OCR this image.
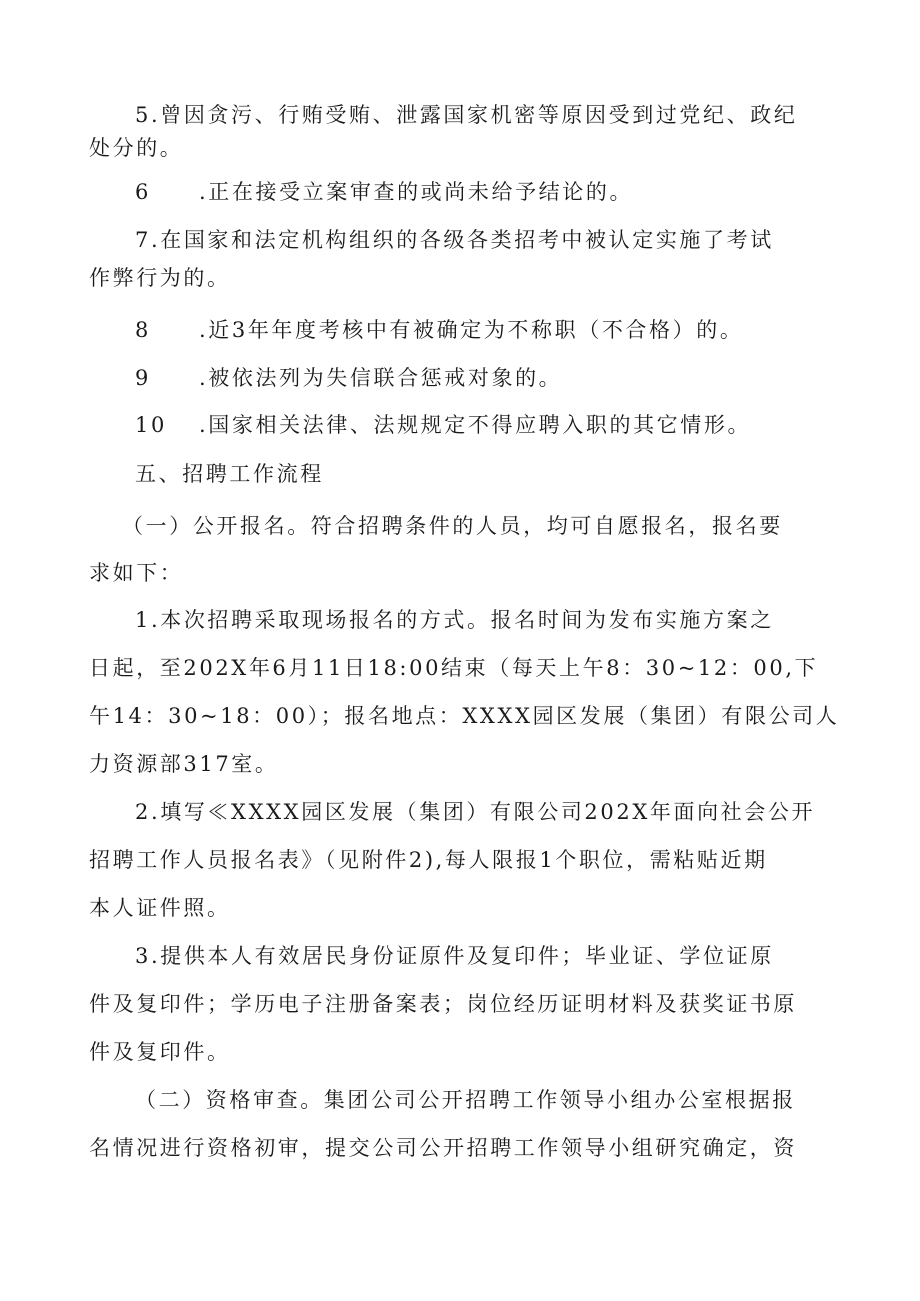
5.曾因贪污、行贿受贿、泄露国家机密等原因受到过党纪、政纪
处分的。
6 .正在接受立案审查的或尚未给予结论的。
7.在国家和法定机构组织的各级各类招考中被认定实施了考试
作弊行为的。
8 .近3年年度考核中有被确定为不称职（不合格）的。
9 .被依法列为失信联合惩戒对象的。
10 .国家相关法律、法规规定不得应聘入职的其它情形。
五、招聘工作流程
（一）公开报名。符合招聘条件的人员，均可自愿报名，报名要
求如下：
1.本次招聘采取现场报名的方式。报名时间为发布实施方案之
日起，至202X年6月11日18:00结束（每天上午8：30~12：00,下
午14：30~18：00）；报名地点：XXXX园区发展（集团）有限公司人
力资源部317室。
2.填写≪XXXX园区发展（集团）有限公司202X年面向社会公开
招聘工作人员报名表》（见附件2),每人限报1个职位，需粘贴近期
本人证件照。
3.提供本人有效居民身份证原件及复印件；毕业证、学位证原
件及复印件；学历电子注册备案表；岗位经历证明材料及获奖证书原
件及复印件。
（二）资格审查。集团公司公开招聘工作领导小组办公室根据报
名情况进行资格初审，提交公司公开招聘工作领导小组研究确定，资
